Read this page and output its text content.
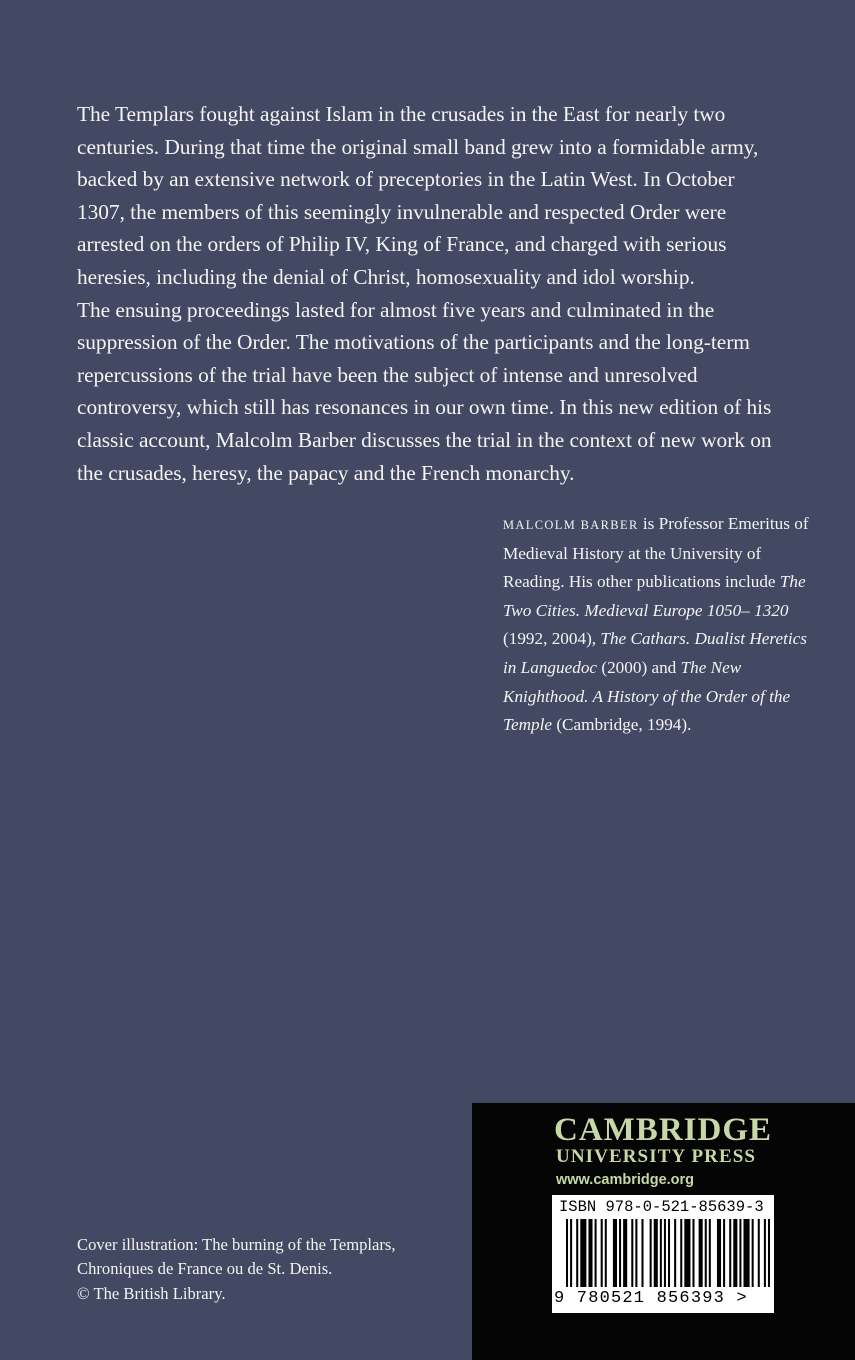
The Templars fought against Islam in the crusades in the East for nearly two

centuries. During that time the original small band grew into a formidable army,

backed by an extensive network of preceptories in the Latin West. In October

1307, the members of this seemingly invulnerable and respected Order were

arrested on the orders of Philip IV, King of France, and charged with serious

heresies, including the denial of Christ, homosexuality and idol worship.

The ensuing proceedings lasted for almost five years and culminated in the

suppression of the Order. The motivations of the participants and the long-term

repercussions of the trial have been the subject of intense and unresolved

controversy, which still has resonances in our own time. In this new edition of his

classic account, Malcolm Barber discusses the trial in the context of new work on

the crusades, heresy, the papacy and the French monarchy.

MALCOLM BARBER is Professor Emeritus of Medieval History at the University of Reading. His other publications include The Two Cities. Medieval Europe 1050– 1320 (1992, 2004), The Cathars. Dualist Heretics in Languedoc (2000) and The New Knighthood. A History of the Order of the Temple (Cambridge, 1994).
Cover illustration: The burning of the Templars,
Chroniques de France ou de St. Denis.
© The British Library.
CAMBRIDGE
UNIVERSITY PRESS
www.cambridge.org
ISBN 978-0-521-85639-3
9 780521 856393 >
